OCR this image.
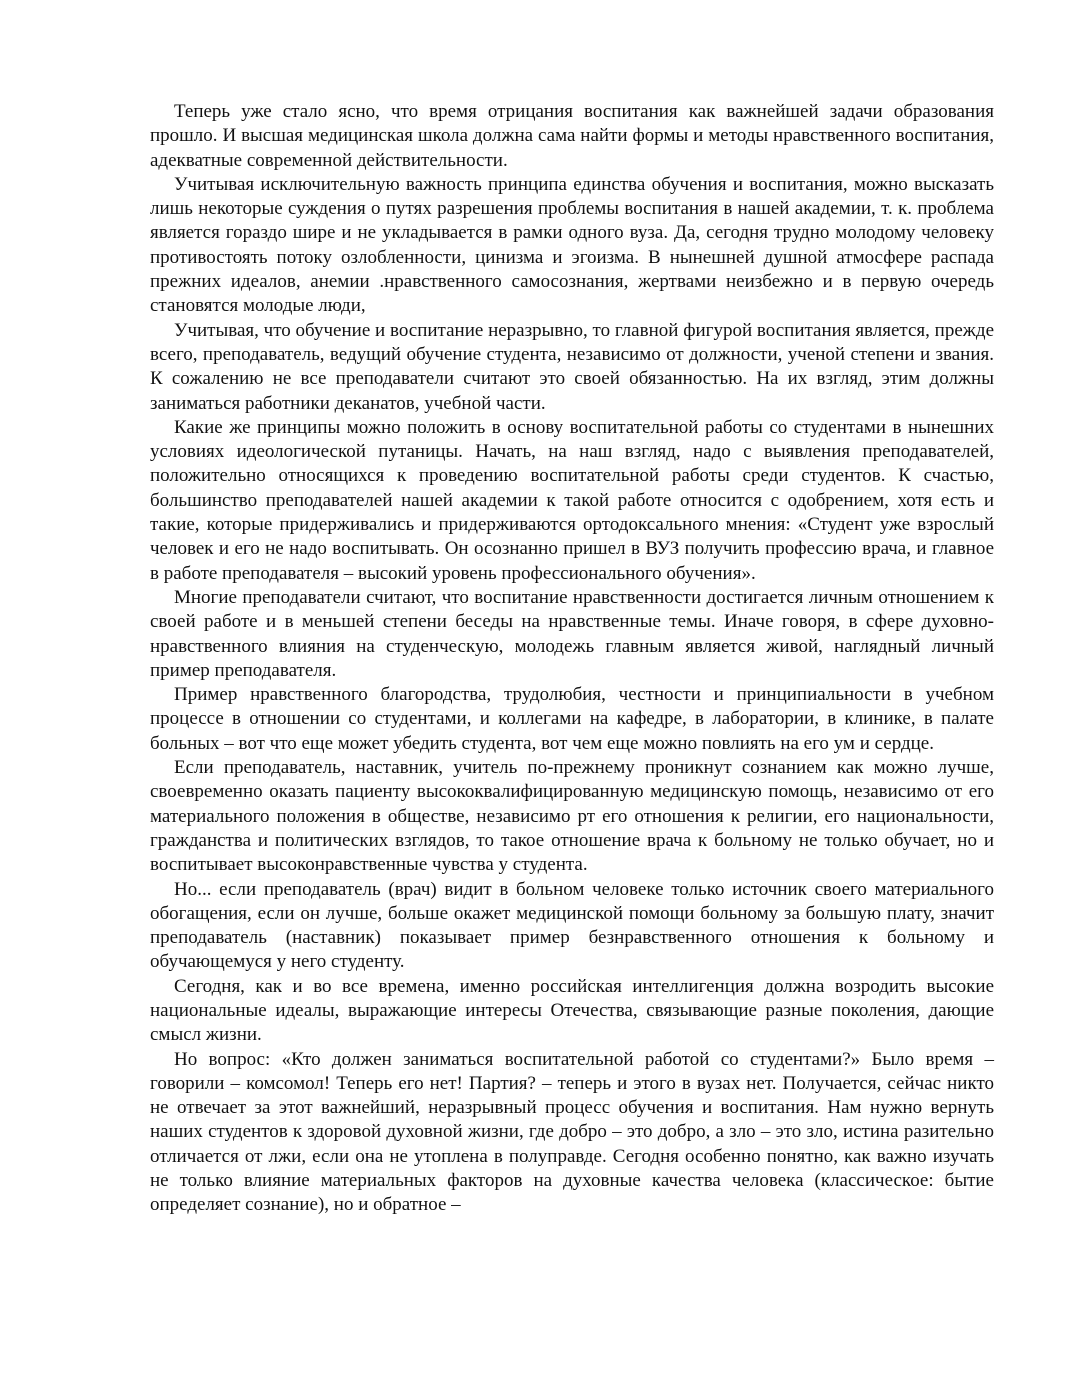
Теперь уже стало ясно, что время отрицания воспитания как важнейшей задачи образования прошло. И высшая медицинская школа должна сама найти формы и методы нравственного воспитания, адекватные современной действительности.

Учитывая исключительную важность принципа единства обучения и воспитания, можно высказать лишь некоторые суждения о путях разрешения проблемы воспитания в нашей академии, т. к. проблема является гораздо шире и не укладывается в рамки одного вуза. Да, сегодня трудно молодому человеку противостоять потоку озлобленности, цинизма и эгоизма. В нынешней душной атмосфере распада прежних идеалов, анемии .нравственного самосознания, жертвами неизбежно и в первую очередь становятся молодые люди,

Учитывая, что обучение и воспитание неразрывно, то главной фигурой воспитания является, прежде всего, преподаватель, ведущий обучение студента, независимо от должности, ученой степени и звания. К сожалению не все преподаватели считают это своей обязанностью. На их взгляд, этим должны заниматься работники деканатов, учебной части.

Какие же принципы можно положить в основу воспитательной работы со студентами в нынешних условиях идеологической путаницы. Начать, на наш взгляд, надо с выявления преподавателей, положительно относящихся к проведению воспитательной работы среди студентов. К счастью, большинство преподавателей нашей академии к такой работе относится с одобрением, хотя есть и такие, которые придерживались и придерживаются ортодоксального мнения: «Студент уже взрослый человек и его не надо воспитывать. Он осознанно пришел в ВУЗ получить профессию врача, и главное в работе преподавателя – высокий уровень профессионального обучения».

Многие преподаватели считают, что воспитание нравственности достигается личным отношением к своей работе и в меньшей степени беседы на нравственные темы. Иначе говоря, в сфере духовно-нравственного влияния на студенческую, молодежь главным является живой, наглядный личный пример преподавателя.

Пример нравственного благородства, трудолюбия, честности и принципиальности в учебном процессе в отношении со студентами, и коллегами на кафедре, в лаборатории, в клинике, в палате больных – вот что еще может убедить студента, вот чем еще можно повлиять на его ум и сердце.

Если преподаватель, наставник, учитель по-прежнему проникнут сознанием как можно лучше, своевременно оказать пациенту высококвалифицированную медицинскую помощь, независимо от его материального положения в обществе, независимо рт его отношения к религии, его национальности, гражданства и политических взглядов, то такое отношение врача к больному не только обучает, но и воспитывает высоконравственные чувства у студента.

Но... если преподаватель (врач) видит в больном человеке только источник своего материального обогащения, если он лучше, больше окажет медицинской помощи больному за большую плату, значит преподаватель (наставник) показывает пример безнравственного отношения к больному и обучающемуся у него студенту.

Сегодня, как и во все времена, именно российская интеллигенция должна возродить высокие национальные идеалы, выражающие интересы Отечества, связывающие разные поколения, дающие смысл жизни.

Но вопрос: «Кто должен заниматься воспитательной работой со студентами?» Было время – говорили – комсомол! Теперь его нет! Партия? – теперь и этого в вузах нет. Получается, сейчас никто не отвечает за этот важнейший, неразрывный процесс обучения и воспитания. Нам нужно вернуть наших студентов к здоровой духовной жизни, где добро – это добро, а зло – это зло, истина разительно отличается от лжи, если она не утоплена в полуправде. Сегодня особенно понятно, как важно изучать не только влияние материальных факторов на духовные качества человека (классическое: бытие определяет сознание), но и обратное –
